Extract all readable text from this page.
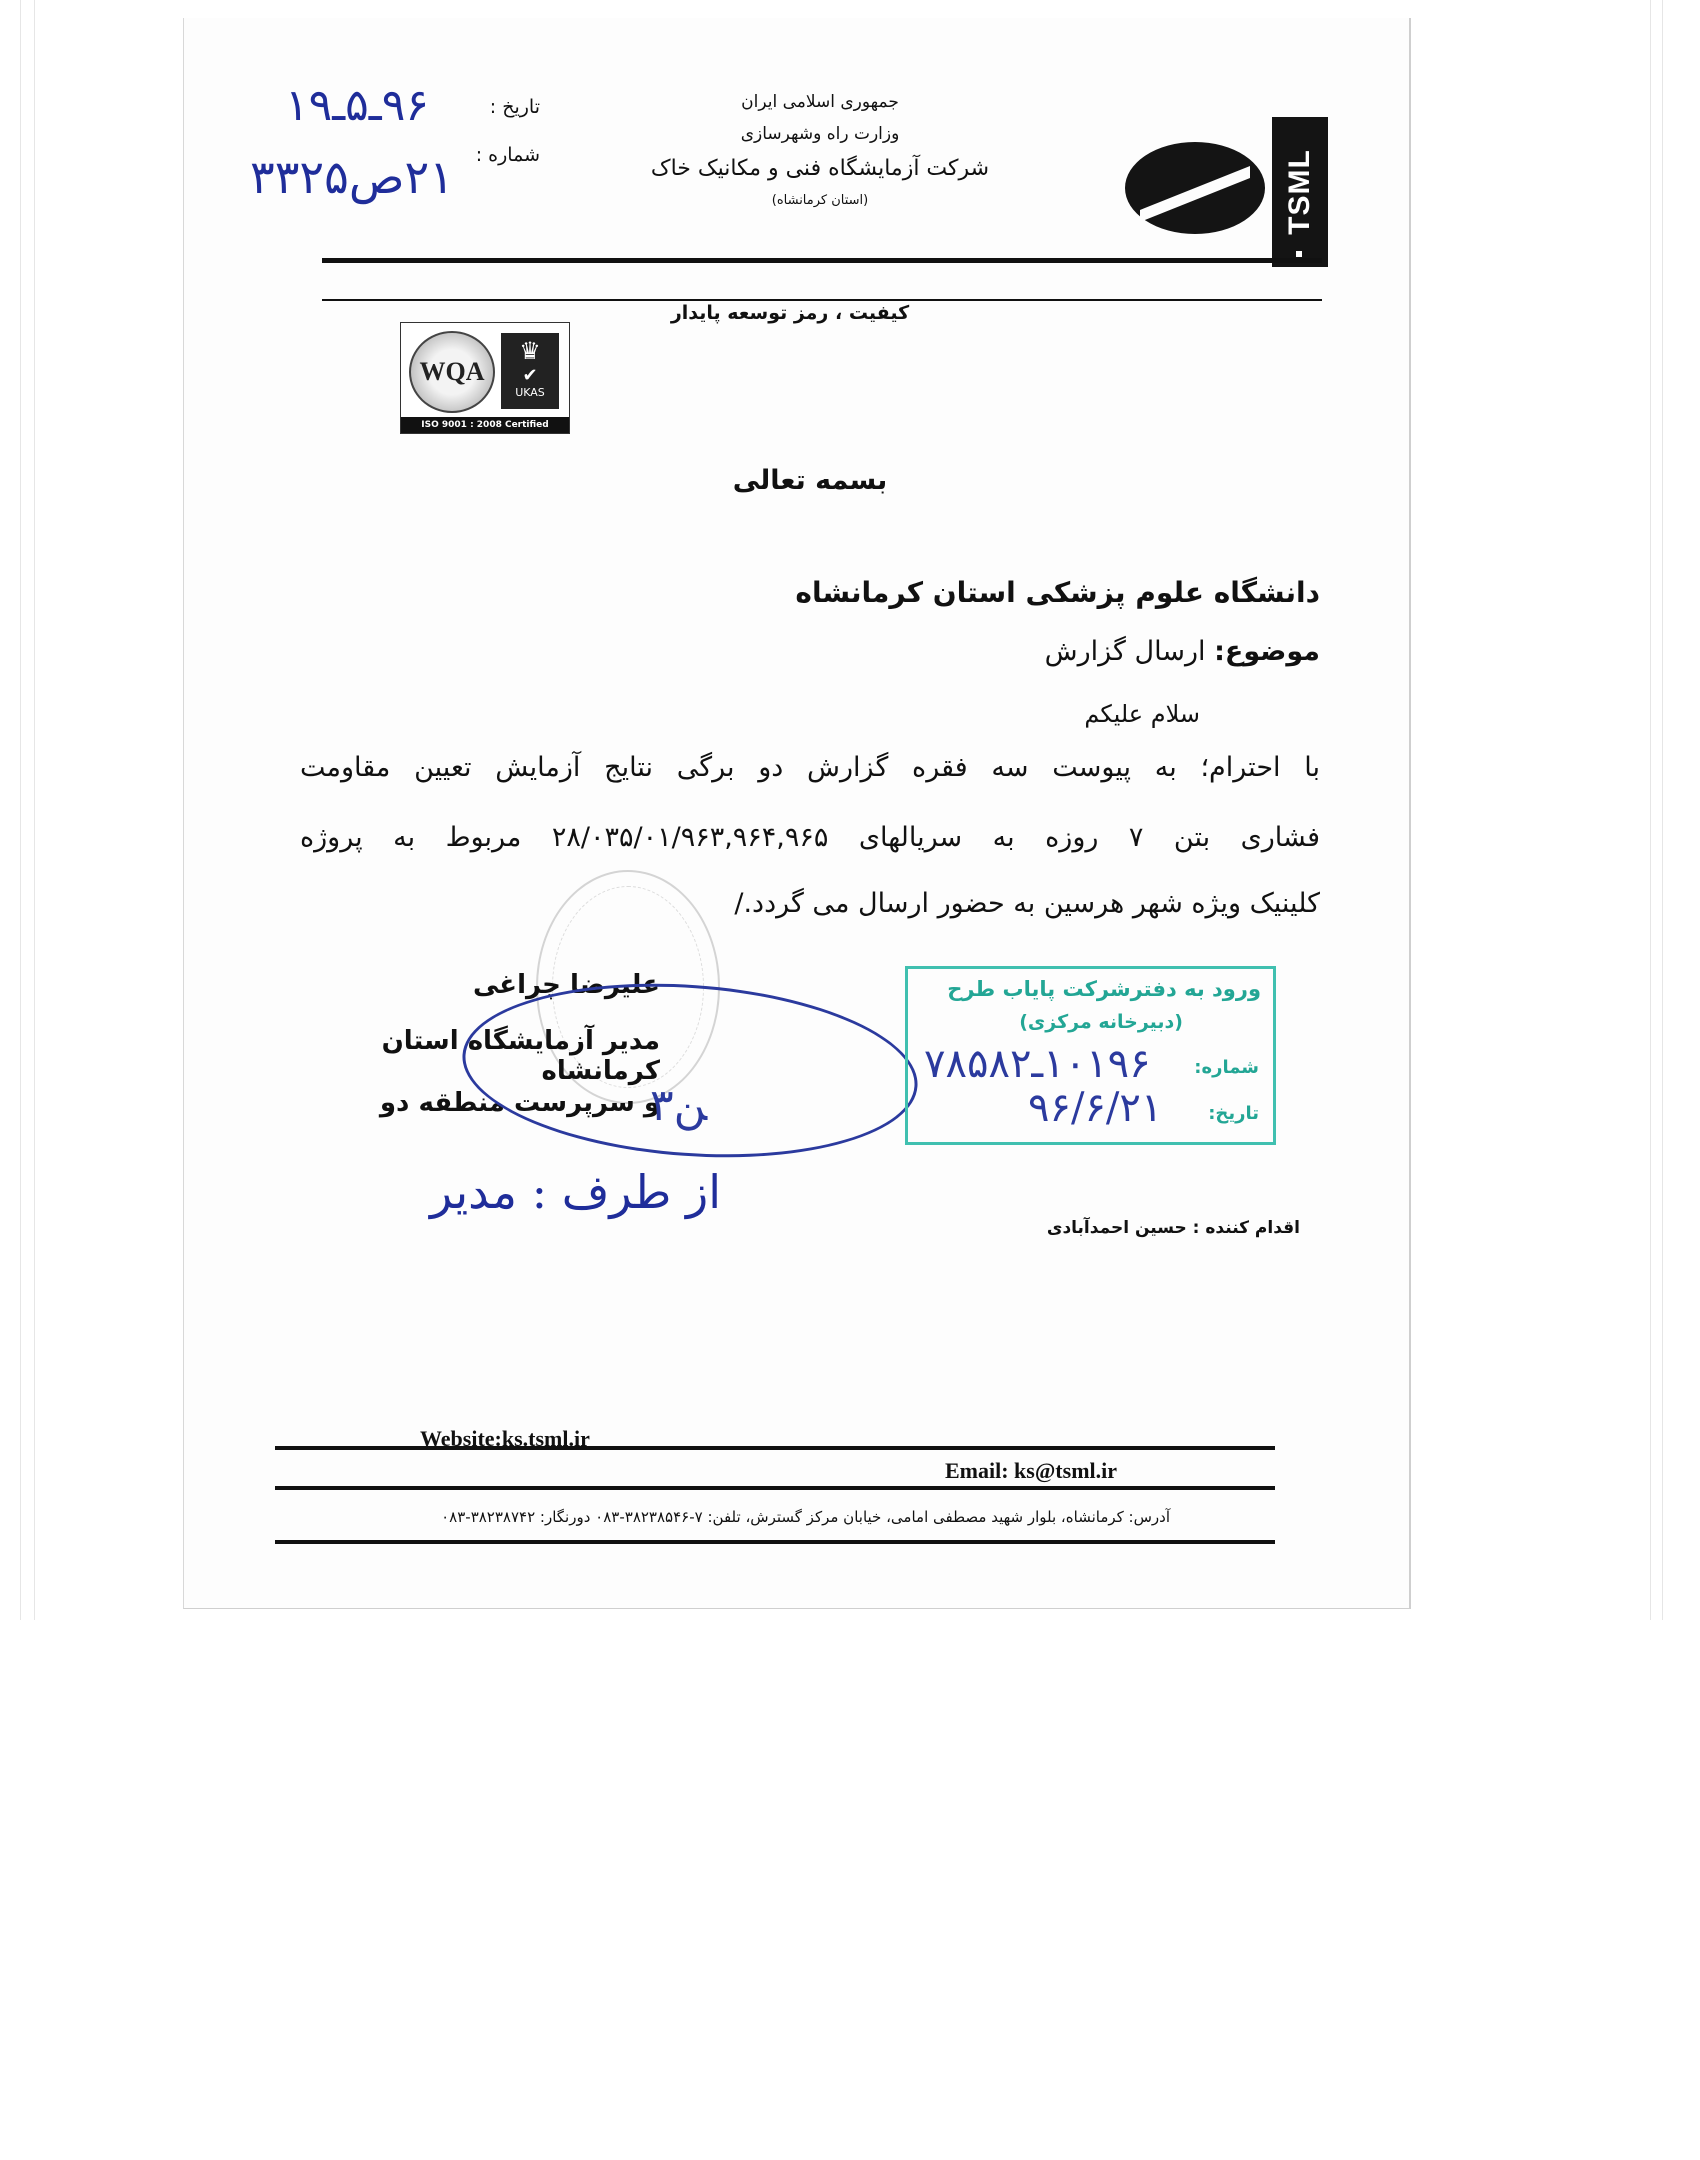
جمهوری اسلامی ایران
وزارت راه وشهرسازی
شرکت آزمایشگاه فنی و مکانیک خاک
(استان کرمانشاه)	TSML
تاریخ :
شماره :
۹۶ـ۵ـ۱۹
۲۱ص۳۳۲۵
کیفیت ، رمز توسعه پایدار
WQA
♛
✔
UKAS
ISO 9001 : 2008 Certified
بسمه تعالی
دانشگاه علوم پزشکی استان کرمانشاه
موضوع: ارسال گزارش
سلام علیکم
با احترام؛ به پیوست سه فقره گزارش دو برگی نتایج آزمایش تعیین مقاومت
فشاری بتن ۷ روزه به سریالهای ۲۸/۰۳۵/۰۱/۹۶۳,۹۶۴,۹۶۵ مربوط به پروژه
کلینیک ویژه شهر هرسین به حضور ارسال می گردد./
علیرضا چراغی
مدیر آزمایشگاه استان کرمانشاه
و سرپرست منطقه دو
ﻦ۳
از طرف : مدیر
ورود به دفترشرکت پایاب طرح
(دبیرخانه مرکزی)
شماره:
تاریخ:
۱۰۱۹۶ـ۷۸۵۸۲
۹۶/۶/۲۱
اقدام کننده : حسین احمدآبادی
Website:ks.tsml.ir
Email: ks@tsml.ir
آدرس: کرمانشاه، بلوار شهید مصطفی امامی، خیابان مرکز گسترش، تلفن: ۷-۳۸۲۳۸۵۴۶-۰۸۳ دورنگار: ۳۸۲۳۸۷۴۲-۰۸۳
